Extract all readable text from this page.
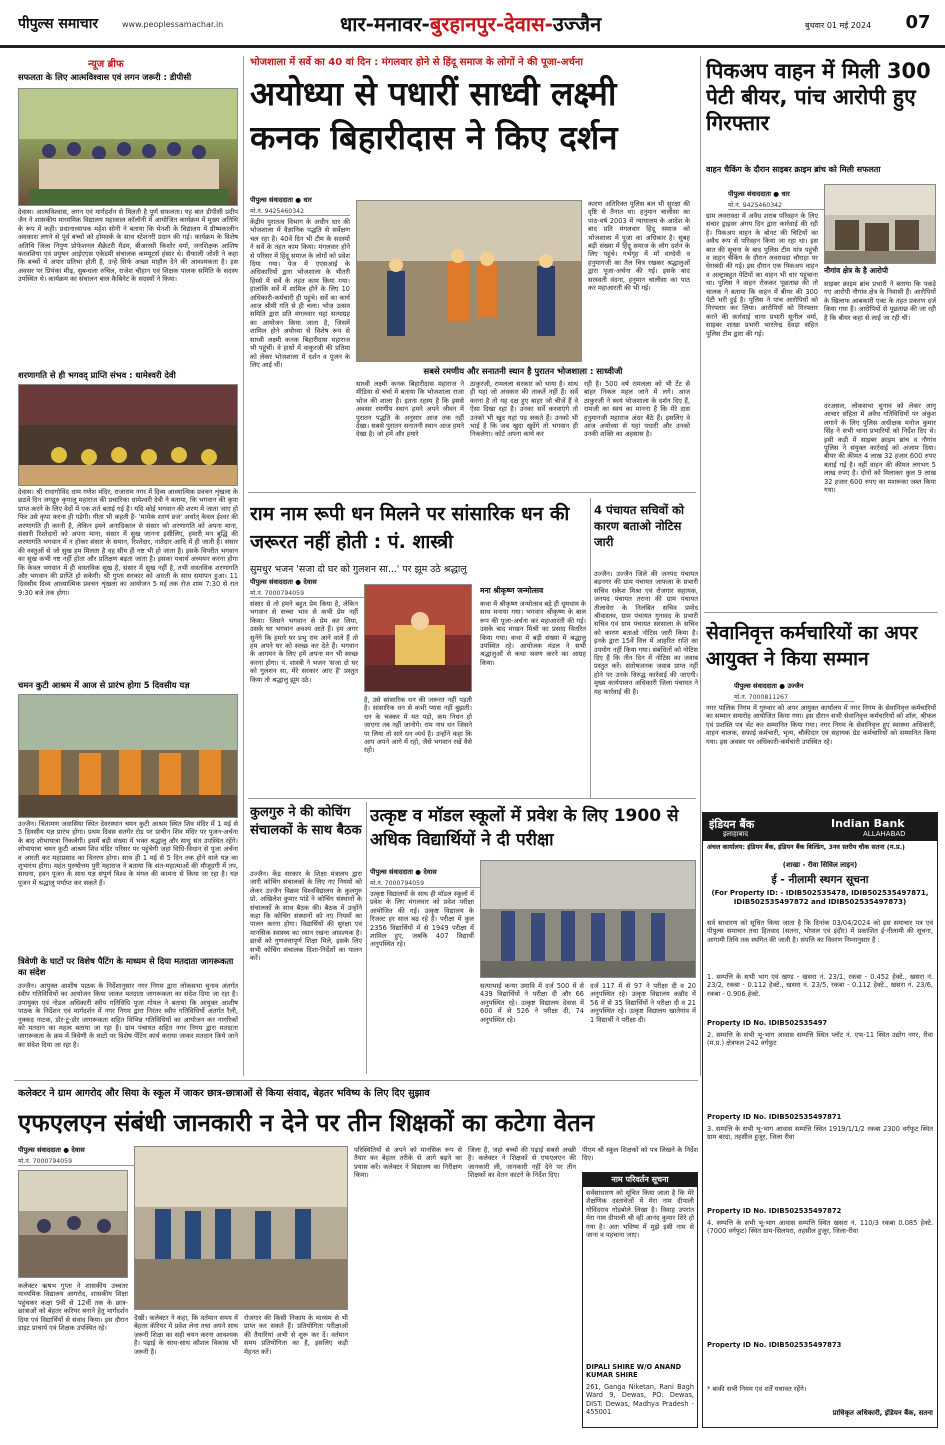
पीपुल्स समाचार	www.peoplessamachar.in	धार-मनावर-बुरहानपुर-देवास-उज्जैन	बुधवार 01 मई 2024	07
न्यूज ब्रीफ
सफलता के लिए आत्मविश्वास एवं लगन जरूरी : डीपीसी
देवास। आत्मविश्वास, लगन एवं मार्गदर्शन से मिलती है पूर्ण सफलता। यह बात डीपीसी प्रदीप जैन ने शासकीय माध्यमिक विद्यालय महाकाल कॉलोनी में आयोजित कार्यक्रम में मुख्य अतिथि के रूप में कही। प्रधानाध्यापक महेश सोनी ने बताया कि मेनशी के विद्यालय में ग्रीष्मकालीन अवकाश लगने से पूर्व बच्चों को होमवर्क के साथ स्टेशनरी प्रदान की गई। कार्यक्रम के विशेष अतिथि जिला निपुण प्रोफेशनल सैक्रेटरी मैडम, बीआरसी किशोर वर्मा, जनशिक्षक आशिष करवशिया एवं प्रयुषन आईएएस एकेडमी संचालक कम्प्यूटर्स हंसार थे। सैफाली जोशी ने कहा कि बच्चों में अपार प्रतिभा होती है, उन्हें सिर्फ अच्छा माहौल देने की आवश्यकता है। इस अवसर पर प्रियंका मीढ़, सुबन्धला रुचिल, राजेश चौहान एवं शिक्षक पालक समिति के सदस्य उपस्थित थे। कार्यक्रम का संचालन बाल कैबिनेट के सदस्यों ने किया।
शरणागति से ही भगवद् प्राप्ति संभव : धामेश्वरी देवी
देवास। श्री राधागोविंद धाम गणेश मंदिर, राजाराम नगर में दिव्य आध्यात्मिक प्रवचन शृंखला के छठवें दिन जगद्गुरु कृपालु महाराज की प्रचारिका धामेश्वरी देवी ने बताया, कि भगवान की कृपा प्राप्त करने के लिए वेदों में एक शर्त बताई गई है। यदि कोई भगवान की शरण में जाता जाए हो फिर उसे कृपा करना ही पड़ेगी। गीता भी कहती है- 'मामेकं शरणं व्रज' अर्थात् केवल ईश्वर की शरणागति ही करनी है, लेकिन इमने अनादिकाल से संसार को शरणागति को अपना माना, संसारी रिश्तेदारों को अपना माना, संसार में सुख जानना इसीलिए, हमारी मन बुद्धि की शरणागति भगवान में न होकर संसार के समान, रिश्तेदार, नातेदार आदि में ही जाती है। संसार की वस्तुओं से जो सुख हम मिलता है वह सीय ही नष्ट भी हो जाता है। इसके विपरीत भगवान का सुख कभी नष्ट नहीं होता और प्रतिक्षण बढ़ता जाता है। इसका यथार्थ अध्ययन करना होगा कि केवल भगवान में ही वास्तविक सुख है, संसार में सुख नहीं है, तभी वास्तविक शरणागति और भगवान की प्राप्ति हो सकेगी। श्री गुप्ता सरकार को आरती के साथ समापन हुआ। 11 दिवसीय दिव्य आध्यात्मिक प्रवचन शृंखला का आयोजन 5 मई तक रोज शाम 7:30 से रात 9:30 बजे तक होगा।
चमन कुटी आश्रम में आज से प्रारंभ होगा 5 दिवसीय यज्ञ
उज्जैन। चिंतामण जवासिया स्थित देवरस्थान चमन कुटी आश्रम स्थित शिव मंदिर में 1 मई से 5 दिवसीय यज्ञ प्रारंभ होगा। प्रथम दिवस सतगेर रोड पर प्राचीन शिव मंदिर पर पूजन-अर्चना के बाद शोभायात्रा निकलेगी। इसमें बड़ी संख्या में भक्त श्रद्धालु और साधु संत उपस्थित रहेंगे। शोभायात्रा चमन कुटी आश्रम शिव मंदिर परिसर पर पहुंचेगी जहां विधि-विधान से पूजा अर्चना व आरती कर महाप्रसाद का वितरण होगा। साथ ही 1 मई से 5 दिन तक होने वाले यज्ञ का शुभारंभ होगा। महंत पुरुषोत्तम पुरी महाराज ने बताया कि संत-महात्माओं की मौजूदगी में तप, साधना, हवन पूजन के साथ यज्ञ संपूर्ण विश्व के मंगल की कामना से किया जा रहा है। यज्ञ पूजन में श्रद्धालु पर्याप्त कर सकते हैं।
त्रिवेणी के घाटों पर विशेष पैटिंग के माध्यम से दिया मतदाता जागरूकता का संदेश
उज्जैन। आयुक्त आशीष पाठक के निर्देशानुसार नगर निगम द्वारा लोकसभा चुनाव अंतर्गत स्वीप गतिविधियों का आयोजन किया जाकर मतदाता जागरूकता का संदेश दिया जा रहा है। उपायुक्त एवं नोडल अधिकारी स्वीप गतिविधि पूजा गोयल ने बताया कि आयुक्त आशीष पाठक के निर्देशन एवं मार्गदर्शन में नगर निगम द्वारा निरंतर स्वीप गतिविधियों अंतर्गत रैली, नुक्कड़ नाटक, डोर-टू-डोर जागरूकता सहित विभिन्न गतिविधियों का आयोजन कर नागरिकों को मतदान का महत्व बताया जा रहा है। ग्राम पंचायत सहित नगर निगम द्वारा मतदाता जागरूकता के क्रम में त्रिवेणी के घाटों पर विशेष पेंटिंग कार्य कराया जाकर मतदान किये जाने का संदेश दिया जा रहा है।
भोजशाला में सर्वे का 40 वां दिन : मंगलवार होने से हिंदू समाज के लोगों ने की पूजा-अर्चना
अयोध्या से पधारीं साध्वी लक्ष्मी
कनक बिहारीदास ने किए दर्शन
पीपुल्स संवाददाता ● धार
मो.नं. 9425460342
केंद्रीय पुरातत्व विभाग के अधीन धार की भोजशाला में वैज्ञानिक पद्धति से सर्वेक्षण चल रहा है। 40वें दिन भी टीम के सदस्यों ने सर्वे के तहत काम किया। मंगलवार होने से परिसर में हिंदू समाज के लोगों को प्रवेश दिया गया। पेज में एएसआई के अधिकारियों द्वारा भोजशाला के भीतरी हिस्से में सर्वे के तहत काम किया गया। हालांकि सर्वे में शामिल होने के लिए 10 अधिकारी-कर्मचारी ही पहुंचे। सर्वे का कार्य आज श्रीमी गति से ही चला। भोज उत्सव समिति द्वारा प्रति मंगलवार यहां सत्याग्रह का आयोजन किया जाता है, जिसमें शामिल होने अयोध्या से विशेष रूप से साध्वी लक्ष्मी कनक बिहारीदास महाराज भी पहुंचीं। वे हाथों में वाकुरजी की प्रतिमा को लेकर भोजशाला में दर्शन व पूजन के लिए आई थीं।
कारण अतिरिक्त पुलिस बल भी सुरक्षा की दृष्टि से तैनात था। हनुमान चालीसा का पाठ-वर्ष 2003 में न्यायालय के आदेश के बाद प्रति मंगलवार हिंदू समाज को भोजशाला में पूजा का अधिकार है। सुबह बड़ी संख्या में हिंदू समाज के लोग दर्शन के लिए पहुंचे। गर्भगृह में माँ वाग्देवी व हनुमानजी का तैल चित्र रखकर श्रद्धालुओं द्वारा पूजा-अर्चना की गई। इसके बाद सरस्वती वंदना, हनुमान चालीसा का पाठ कर महाआरती की भी गई।
सबसे रमणीय और सनातनी स्थान है पुरातन भोजशाला : साध्वीजी
साध्वी लक्ष्मी कनक बिहारीदास महाराज ने मीडिया से चर्चा में बताया कि भोजशाला राजा भोज की शाला है। इतना रहस्य है कि इससे अवसर रमणीय स्थान हमने अपने जीवन में पुरातन पद्धति के अनुसार आज तक नहीं देखा। सबसे पुरातन सनातनी स्थान आज हमने देखा है। जो हमें और हमारे
ठाकुरजी, रामलला सरकार को भाया है। साथ ही यहां जो अंधकार की ताकतें नहीं हैं। सर्वे करना है तो यह दक्ष हुए बाहर जो चीजें हैं वे ऐसा दिखा रहा है। उनका सर्वे करवाएंगे तो उनको भी खुद यहां पड़ सकते हैं। उनको भी भाई है कि जब खुदा खुदेंगे तो भगवान ही निकलेगा। कोर्ट अपना कार्य कर
रही है। 500 वर्ष रामलला को भी टेंट से बाहर निकल महल जाने में लगे। आज ठाकुरजी ने स्वयं भोजशाला के दर्शन दिए हैं, रामजी का स्वयं का मानना है कि मेरे दास हनुमानजी महाराज अंदर बैठे हैं। इसलिए वे आज अयोध्या से यहां पधारी और उनको उनकी शक्ति का अहसास है।
पिकअप वाहन में मिली 300 पेटी बीयर, पांच आरोपी हुए गिरफ्तार
वाहन चैकिंग के दौरान साइबर क्राइम ब्रांच को मिली सफलता
पीपुल्स संवाददाता ● धार
मो.नं. 9425460342
ग्राम लवरावदा में अवैध शराब परिवहन के लिए संचार ड्राइवर अंगय दिन द्वारा कार्रवाई की रही है। पिकअप वाहन के बोनट की चिटियों का अवैध रूप से परिवहन किया जा रहा था। इस बात की सूचना के बाद पुलिस टीम यांत्र पहुंची व वाहन चैकिंग के दौरान लवरावदा चौराहा पर घेराबंदी की गई। इस दौरान एक पिकअप वाहन व अल्ट्राबहुत पेटियों का वाहन भी धार पहुंचाना था। पुलिस ने वाहन रोककर पूछताछ की तो चालक ने बताया कि वाहन में बीयर की 300 पेटी भरी हुई है। पुलिस ने पांच आरोपियों को गिरफ्तार कर लिया। आरोपियों को गिरफ्तार करने की कार्रवाई थाना प्रभारी सुनील वर्मा, साइबर शाखा प्रभारी भारतेन्द्र देवड़ा सहित पुलिस टीम द्वारा की गई।
नौगांव क्षेत्र के है आरोपी
साइबर क्राइम ब्रांच प्रभारी ने बताया कि पकड़े गए आरोपी नौगांव क्षेत्र के निवासी हैं। आरोपियों के खिलाफ आबकारी एक्ट के तहत प्रकरण दर्ज किया गया है। आरोपियों से पूछताछ की जा रही है कि बीयर कहां से लाई जा रही थी।
दरअसल, लोकसभा चुनाव को लेकर लागू आचार संहिता में अवैध गतिविधियों पर अंकुश लगाने के लिए पुलिस अधीक्षक मनोज कुमार सिंह ने सभी थाना प्रभारियों को निर्देश दिए थे। इसी कड़ी में साइबर क्राइम ब्रांच व नौगांव पुलिस ने संयुक्त कार्रवाई को अंजाम दिया। बीयर की कीमत 4 लाख 32 हजार 600 रुपए बताई गई है। वहीं वाहन की कीमत लगभग 5 लाख रुपए है। दोनों को मिलाकर कुल 9 लाख 32 हजार 600 रुपए का मशरूका जब्त किया गया।
सेवानिवृत्त कर्मचारियों का अपर आयुक्त ने किया सम्मान
पीपुल्स संवाददाता ● उज्जैन
मो.नं. 7000811267
नगर पालिक निगम में गुरुवार को अपर आयुक्त कार्यालय में नगर निगम के सेवानिवृत्त कर्मचारियों का सम्मान समारोह आयोजित किया गया। इस दौरान सभी सेवानिवृत्त कर्मचारियों को शॉल, श्रीफल एवं प्रशस्ति पत्र भेंट कर सम्मानित किया गया। नगर निगम के सेवानिवृत्त हुए स्वास्थ्य अधिकारी, वाहन चालक, सफाई कर्मचारी, भृत्य, चौकीदार एवं सहायक ग्रेड कर्मचारियों को सम्मानित किया गया। इस अवसर पर अधिकारी-कर्मचारी उपस्थित रहे।
राम नाम रूपी धन मिलने पर सांसारिक धन की जरूरत नहीं होती : पं. शास्त्री
सुमधुर भजन 'सजा दो घर को गुलशन सा...' पर झूम उठे श्रद्धालु
पीपुल्स संवाददाता ● देवास
मो.नं. 7000794059
संसार से तो हमने बहुत प्रेम किया है, लेकिन भगवान से सच्चा भाव से कभी प्रेम नहीं किया। जिसने भगवान से प्रेम कर लिया, उसके घर भगवान अवश्य आते हैं। हम अगर सुनेंगे कि हमारे घर प्रभु राम आने वाले हैं तो हम अपने घर को स्वच्छ कर देते हैं। भगवान के आगमन के लिए हमें अपना मन भी स्वच्छ करना होगा। पं. शास्त्री ने भजन 'सजा दो घर को गुलशन सा, मेरे सरकार आए हैं' प्रस्तुत किया तो श्रद्धालु झूम उठे।
है, उसे सांसारिक धन की जरूरत नहीं पड़ती है। सांसारिक धन से कभी प्यास नहीं बुझती। धन के चक्कर में मत पड़ो, कम निधन हो जाएगा तब नहीं जानोगे। राम नाम धन जिसने पा लिया तो सारे धन व्यर्थ है। उन्होंने कहा कि आप अपने आगे में रहो, जैसे भगवान रखें वैसे रहो।
मना श्रीकृष्ण जन्मोत्सव
कथा में श्रीकृष्ण जन्मोत्सव बड़े ही धूमधाम के साथ मनाया गया। भगवान श्रीकृष्ण के बाल रूप की पूजा-अर्चना कर महाआरती की गई। उसके बाद माखन मिश्री का प्रसाद वितरित किया गया। कथा में बड़ी संख्या में श्रद्धालु उपस्थित रहे। आयोजक मंडल ने सभी श्रद्धालुओं से कथा श्रवण करने का आग्रह किया।
4 पंचायत सचिवों को कारण बताओ नोटिस जारी
उज्जैन। उज्जैन जिले की जनपद पंचायत बड़नगर की ग्राम पंचायत जाफला के प्रभारी सचिव राकेश मिश्रा एवं रोजगार सहायक, जनपद पंचायत तराना की ग्राम पंचायत तीलावेरा के निलंबित सचिव प्रमोद श्रीवास्तव, ग्राम पंचायत गुनावद के प्रभारी सचिव एवं ग्राम पंचायत सरसाला के सचिव को कारण बताओ नोटिस जारी किया है। इनके द्वारा 15वें वित्त में आहरित राशि का उपयोग नहीं किया गया। संबंधितों को नोटिस दिए हैं कि तीन दिन में नोटिस का जवाब प्रस्तुत करें। संतोषजनक जवाब प्राप्त नहीं होने पर उनके विरुद्ध कार्रवाई की जाएगी। मुख्य कार्यपालन अधिकारी जिला पंचायत ने यह कार्रवाई की है।
कुलगुरु ने की कोचिंग संचालकों के साथ बैठक
उज्जैन। केंद्र सरकार के शिक्षा मंत्रालय द्वारा जारी कोचिंग संचालकों के लिए नए नियमों को लेकर उज्जैन विक्रम विश्वविद्यालय के कुलगुरु प्रो. अखिलेश कुमार पांडे ने कोचिंग संस्थानों के संचालकों के साथ बैठक की। बैठक में उन्होंने कहा कि कोचिंग संस्थानों को नए नियमों का पालन करना होगा। विद्यार्थियों की सुरक्षा एवं मानसिक स्वास्थ्य का ध्यान रखना आवश्यक है। छात्रों को गुणवत्तापूर्ण शिक्षा मिले, इसके लिए सभी कोचिंग संचालक दिशा-निर्देशों का पालन करें।
उत्कृष्ट व मॉडल स्कूलों में प्रवेश के लिए 1900 से अधिक विद्यार्थियों ने दी परीक्षा
पीपुल्स संवाददाता ● देवास
मो.नं. 7000794059
उत्कृष्ट विद्यालयों के साथ ही मॉडल स्कूलों में प्रवेश के लिए मंगलवार को प्रवेश परीक्षा आयोजित की गई। उत्कृष्ट विद्यालय के रिजल्ट हर साल बढ़ रहे हैं। परीक्षा में कुल 2356 विद्यार्थियों में से 1949 परीक्षा में शामिल हुए, जबकि 407 विद्यार्थी अनुपस्थित रहे।
सत्याभाई कन्या उमावि में दर्ज 500 में से 439 विद्यार्थियों ने परीक्षा दी और 66 अनुपस्थित रहे। उत्कृष्ट विद्यालय देवास में 600 में से 526 ने परीक्षा दी, 74 अनुपस्थित रहे।
दर्ज 117 में से 97 ने परीक्षा दी व 20 अनुपस्थित रहे। उत्कृष्ट विद्यालय कन्नौद में 56 में से 35 विद्यार्थियों ने परीक्षा दी व 21 अनुपस्थित रहे। उत्कृष्ट विद्यालय खातेगांव में 1 विद्यार्थी ने परीक्षा दी।
इंडियन बैंक	Indian Bank
इलाहाबाद	ALLAHABAD
अंचल कार्यालय: इंडियन बैंक, इंडियन बैंक बिल्डिंग, 3नव स्तरीय चौक सतना (म.प्र.)
(शाखा - रीवा सिविल लाइन)
ई - नीलामी स्थगन सूचना
(For Property ID: - IDIB502535478, IDIB502535497871, IDIB502535497872 and IDIB502535497873)
सर्व साधारण को सूचित किया जाता है कि दिनांक 03/04/2024 को इस समाचार पत्र एवं पीपुल्स समाचार तथा हितवाद (सतना, भोपाल एवं इंदौर) में प्रकाशित ई-नीलामी की सूचना, आगामी तिथि तक स्थगित की जाती है। संपत्ति का विवरण निम्नानुसार है :
1. सम्पत्ति के सभी भाग एवं खण्ड - खसरा नं. 23/1, रकबा - 0.452 हेक्टे., खसरा नं. 23/2, रकबा - 0.112 हेक्टे., खसरा नं. 23/5, रकबा - 0.112 हेक्टे., खसरा नं. 23/6, रकबा - 0.906 हेक्टे.
Property ID No. IDIB502535497
2. सम्पत्ति के सभी भू-भाग आवास सम्पत्ति स्थित प्लॉट नं. एफ-11 स्थित उद्योग नगर, रीवा (म.प्र.) क्षेत्रफल 242 वर्गफुट
Property ID No. IDIB502535497871
3. सम्पत्ति के सभी भू-भाग आवास सम्पत्ति स्थित 1919/1/1/2 रकबा 2300 वर्गफुट स्थित ग्राम बरदा, तहसील हुजूर, जिला रीवा
Property ID No. IDIB502535497872
4. सम्पत्ति के सभी भू-भाग आवास सम्पत्ति स्थित खसरा नं. 110/3 रकबा 0.085 हेक्टे. (7000 वर्गफुट) स्थित ग्राम-सिलपरा, तहसील हुजूर, जिला-रीवा
Property ID No. IDIB502535497873
* बाकी सभी नियम एवं शर्तें यथावत रहेंगे।
प्राधिकृत अधिकारी, इंडियन बैंक, सतना
कलेक्टर ने ग्राम आगरोद और सिया के स्कूल में जाकर छात्र-छात्राओं से किया संवाद, बेहतर भविष्य के लिए दिए सुझाव
एफएलएन संबंधी जानकारी न देने पर तीन शिक्षकों का कटेगा वेतन
पीपुल्स संवाददाता ● देवास
मो.नं. 7000794059
कलेक्टर ऋषभ गुप्ता ने शासकीय उच्चतर माध्यमिक विद्यालय आगरोद, शासकीय शिक्षा पहुंचकर कक्षा 9वीं से 12वीं तक के छात्र-छात्राओं को बेहतर करियर बनाने हेतु मार्गदर्शन दिया एवं विद्यार्थियों से संवाद किया। इस दौरान डाइट प्राचार्य एवं शिक्षक उपस्थित रहे।
देखी। कलेक्टर ने कहा, कि वर्तमान समय में बेहतर कॅरियर में प्रवेश लेना तथा अपने साथ ज़रूरी शिक्षा का सही चयन करना आवश्यक है। पढ़ाई के साथ-साथ कौशल विकास भी जरूरी है।
रोजगार की किसी निकाय के माध्यम से भी प्राप्त कर सकते हैं। प्रतियोगिता परीक्षाओं की तैयारियां अभी से शुरू कर दें। वर्तमान समय प्रतियोगिता का है, इसलिए कड़ी मेहनत करें।
परिस्थितियों से अपने को मानसिक रूप से तैयार कर बेहतर तरीके से आगे बढ़ने का प्रयास करें। कलेक्टर ने विद्यालय का निरीक्षण किया।
जिला है, जहां बच्चों की पढ़ाई सबसे अच्छी है। कलेक्टर ने शिक्षकों से एफएलएन की जानकारी ली, जानकारी नहीं देने पर तीन शिक्षकों का वेतन काटने के निर्देश दिए।
पीएम श्री स्कूल शिक्षकों को पत्र लिखने के निर्देश दिए।
नाम परिवर्तन सूचना
सर्वसाधारण को सूचित किया जाता है कि मेरे शैक्षणिक दस्तावेजों में मेरा नाम दीपाली गोविंदराव गोडबोले लिखा है। विवाह उपरांत मेरा नाम दीपाली श्री व्ही आनंद कुमार शिरे हो गया है। अतः भविष्य में मुझे इसी नाम से जाना व पहचाना जाए।
DIPALI SHIRE W/O ANAND KUMAR SHIRE
261, Ganga Niketan, Rani Bagh Ward 9, Dewas, PO: Dewas, DIST: Dewas, Madhya Pradesh - 455001
